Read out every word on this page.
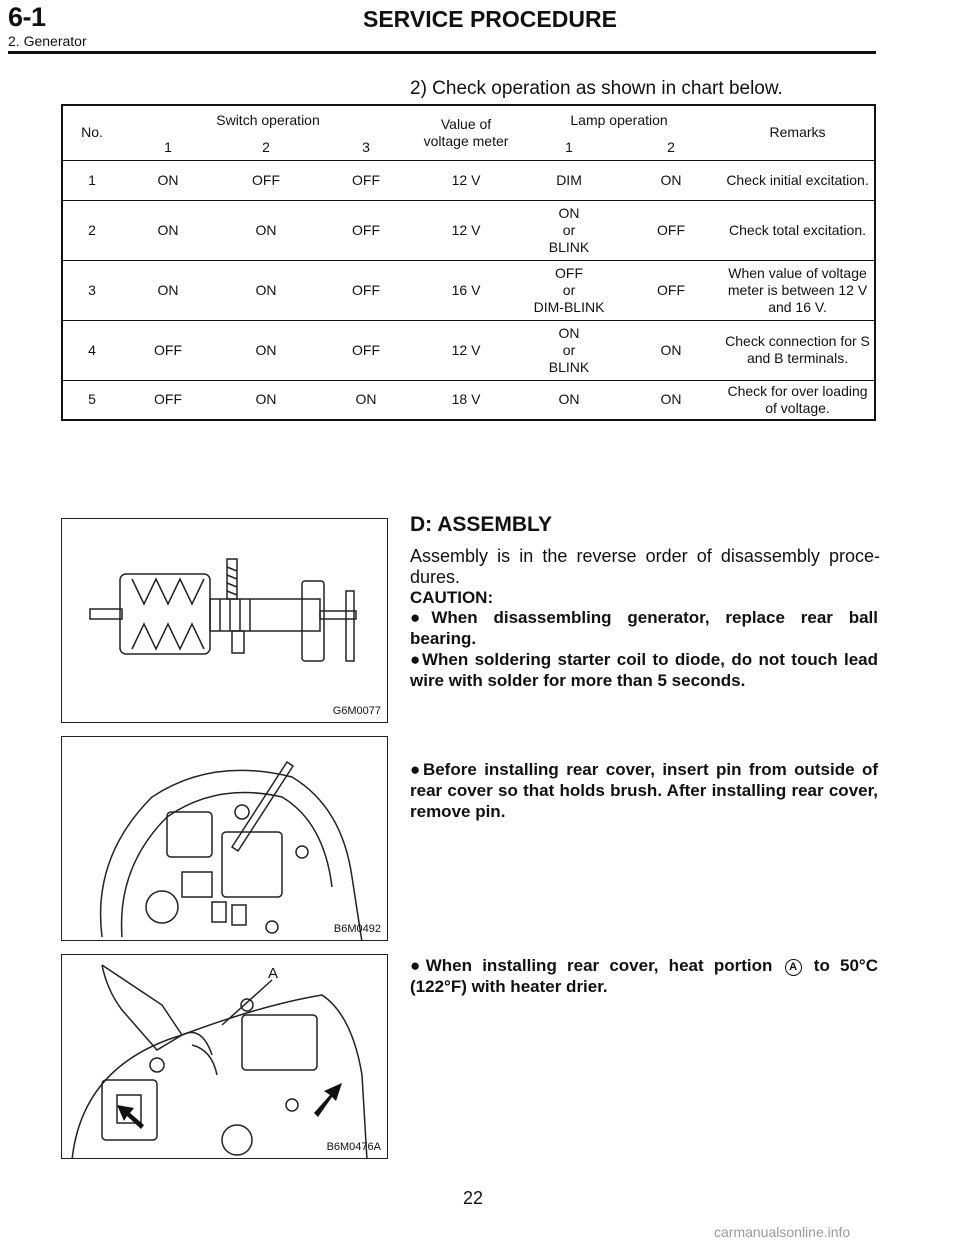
6-1	SERVICE PROCEDURE
2. Generator
2) Check operation as shown in chart below.
No.	Switch operation			Value of voltage meter	Lamp operation		Remarks
	1	2	3		1	2	
1	ON	OFF	OFF	12 V	DIM	ON	Check initial excitation.
2	ON	ON	OFF	12 V	ON
or
BLINK	OFF	Check total excitation.
3	ON	ON	OFF	16 V	OFF
or
DIM-BLINK	OFF	When value of voltage meter is between 12 V and 16 V.
4	OFF	ON	OFF	12 V	ON
or
BLINK	ON	Check connection for S and B terminals.
5	OFF	ON	ON	18 V	ON	ON	Check for over loading of voltage.
G6M0077
B6M0492
A
B6M0476A
D: ASSEMBLY
Assembly is in the reverse order of disassembly proce-dures.
CAUTION:
●When disassembling generator, replace rear ball bearing.
●When soldering starter coil to diode, do not touch lead wire with solder for more than 5 seconds.
●Before installing rear cover, insert pin from outside of rear cover so that holds brush. After installing rear cover, remove pin.
●When installing rear cover, heat portion A to 50°C (122°F) with heater drier.
22
carmanualsonline.info
